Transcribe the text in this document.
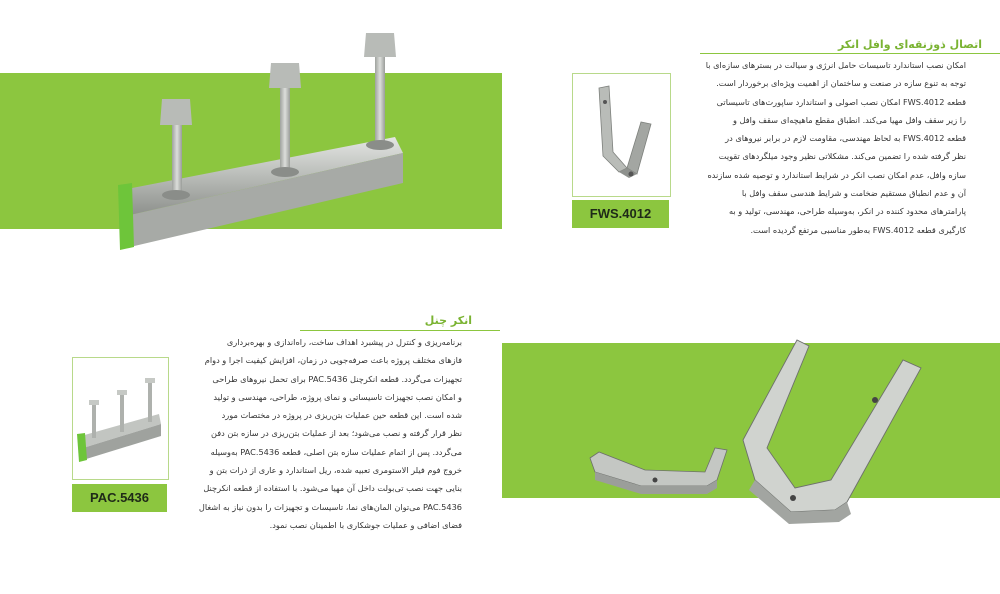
FWS.4012
اتصال ذوزنقه‌ای وافل انکر

امکان نصب استاندارد تاسیسات حامل انرژی و سیالت در بسترهای سازه‌ای با

توجه به تنوع سازه در صنعت و ساختمان از اهمیت ویژه‌ای برخوردار است.

قطعه FWS.4012 امکان نصب اصولی و استاندارد ساپورت‌های تاسیساتی

را زیر سقف وافل مهیا می‌کند. انطباق مقطع ماهیچه‌ای سقف وافل و

قطعه FWS.4012 به لحاظ مهندسی، مقاومت لازم در برابر نیروهای در

نظر گرفته شده را تضمین می‌کند. مشکلاتی نظیر وجود میلگردهای تقویت

سازه وافل، عدم امکان نصب انکر در شرایط استاندارد و توصیه شده سازنده

آن و عدم انطباق مستقیم ضخامت و شرایط هندسی سقف وافل با

پارامترهای محدود کننده در انکر، به‌وسیله طراحی، مهندسی، تولید و به

کارگیری قطعه FWS.4012 به‌طور مناسبی مرتفع گردیده است.

PAC.5436
انکر چنل

برنامه‌ریزی و کنترل در پیشبرد اهداف ساخت، راه‌اندازی و بهره‌برداری

فازهای مختلف پروژه باعث صرفه‌جویی در زمان، افزایش کیفیت اجرا و دوام

تجهیزات می‌گردد. قطعه انکرچنل PAC.5436 برای تحمل نیروهای طراحی

و امکان نصب تجهیزات تاسیساتی و نمای پروژه، طراحی، مهندسی و تولید

شده است. این قطعه حین عملیات بتن‌ریزی در پروژه در مختصات مورد

نظر قرار گرفته و نصب می‌شود؛ بعد از عملیات بتن‌ریزی در سازه بتن دفن

می‌گردد. پس از اتمام عملیات سازه بتن اصلی، قطعه PAC.5436 به‌وسیله

خروج فوم فیلر الاستومری تعبیه شده، ریل استاندارد و عاری از ذرات بتن و

بنایی جهت نصب تی‌بولت داخل آن مهیا می‌شود. با استفاده از قطعه انکرچنل

PAC.5436 می‌توان المان‌های نما، تاسیسات و تجهیزات را بدون نیاز به اشغال

فضای اضافی و عملیات جوشکاری با اطمینان نصب نمود.
